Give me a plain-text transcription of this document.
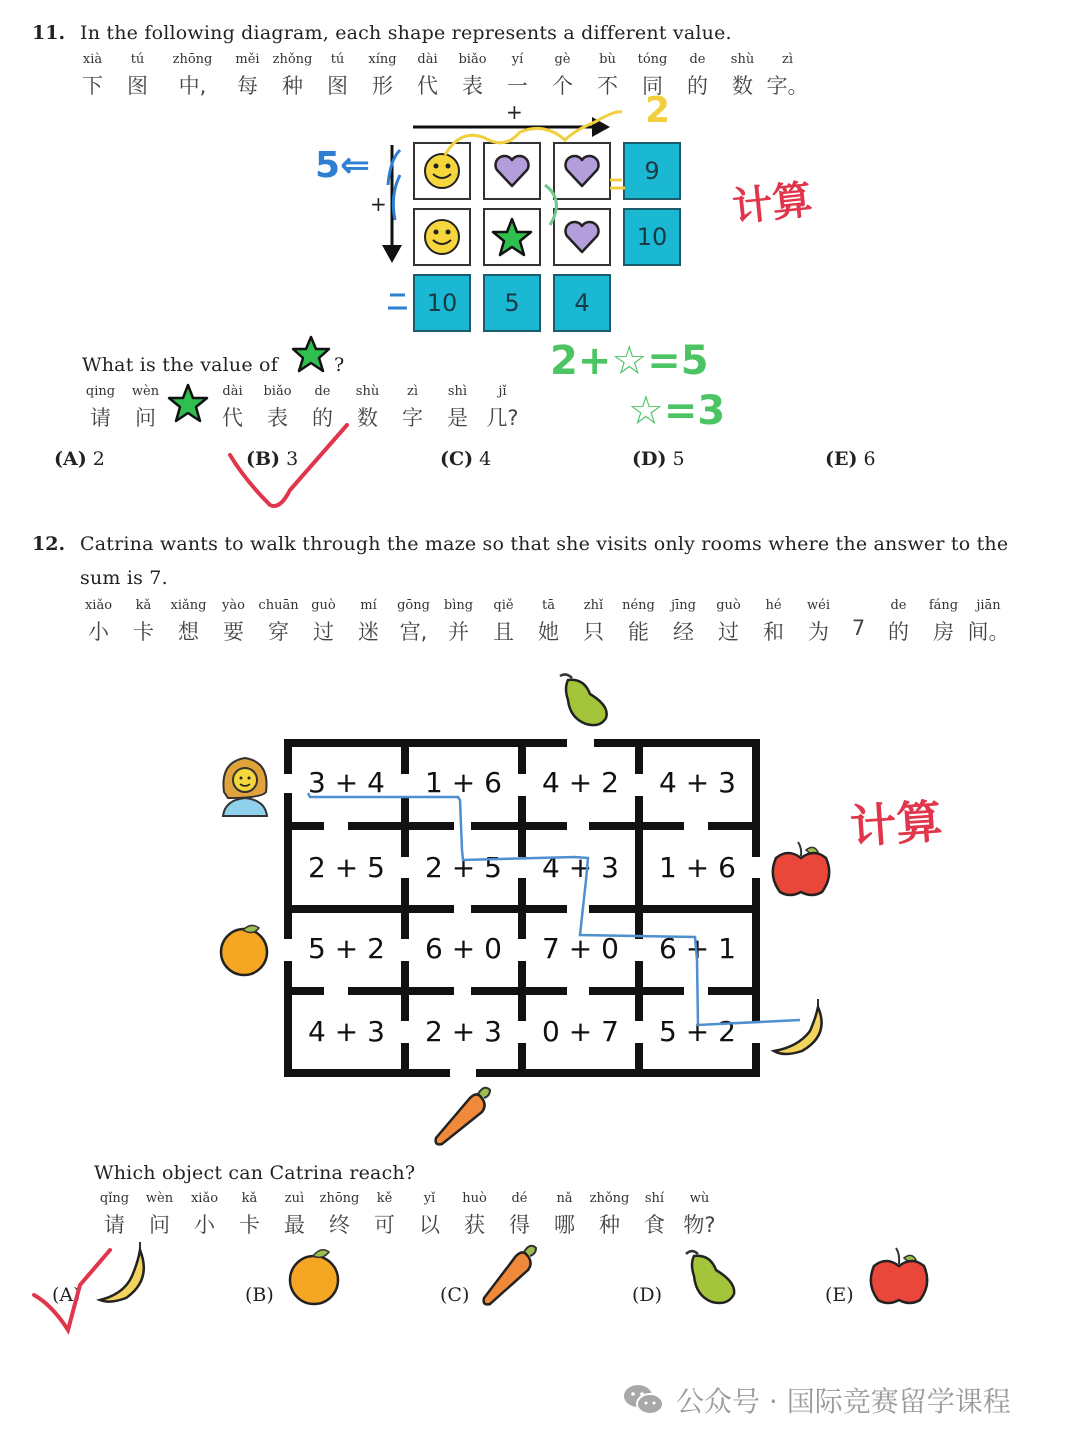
11. In the following diagram, each shape represents a different value.
xià	tú	zhōng	měi	zhǒng	tú	xíng	dài	biǎo	yí	gè	bù	tóng	de	shù	zì
下	图	中,	每	种	图	形	代	表	一	个	不	同	的	数 字。
+
+
9
10
10	5	4
5⇐
2
计算
What is the value of	?
qing	wèn
请	问
dài	biǎo	de	shù	zì	shì	jǐ
代	表	的	数	字	是 几?
2+☆=5
☆=3
(A) 2	(B) 3	(C) 4	(D) 5	(E) 6
12. Catrina wants to walk through the maze so that she visits only rooms where the answer to the
sum is 7.
xiǎo	kǎ	xiǎng	yào	chuān guò	mí	gōng	bìng	qiě	tā	zhǐ	néng	jīng	guò	hé	wéi	de	fáng	jiān
小	卡	想	要	穿	过	迷 宫, 并	且	她	只	能	经	过	和	为	7	的	房 间。
3 + 4	1 + 6	4 + 2	4 + 3
2 + 5	2 + 5	4 + 3	1 + 6
5 + 2	6 + 0	7 + 0	6 + 1
4 + 3	2 + 3	0 + 7	5 + 2
计算
Which object can Catrina reach?
qǐng	wèn	xiǎo	kǎ	zuì	zhōng	kě	yǐ	huò	dé	nǎ	zhǒng	shí	wù
请	问	小	卡	最	终	可	以	获	得	哪	种	食 物?
(A)	(B)	(C)	(D)	(E)
公众号 · 国际竞赛留学课程
